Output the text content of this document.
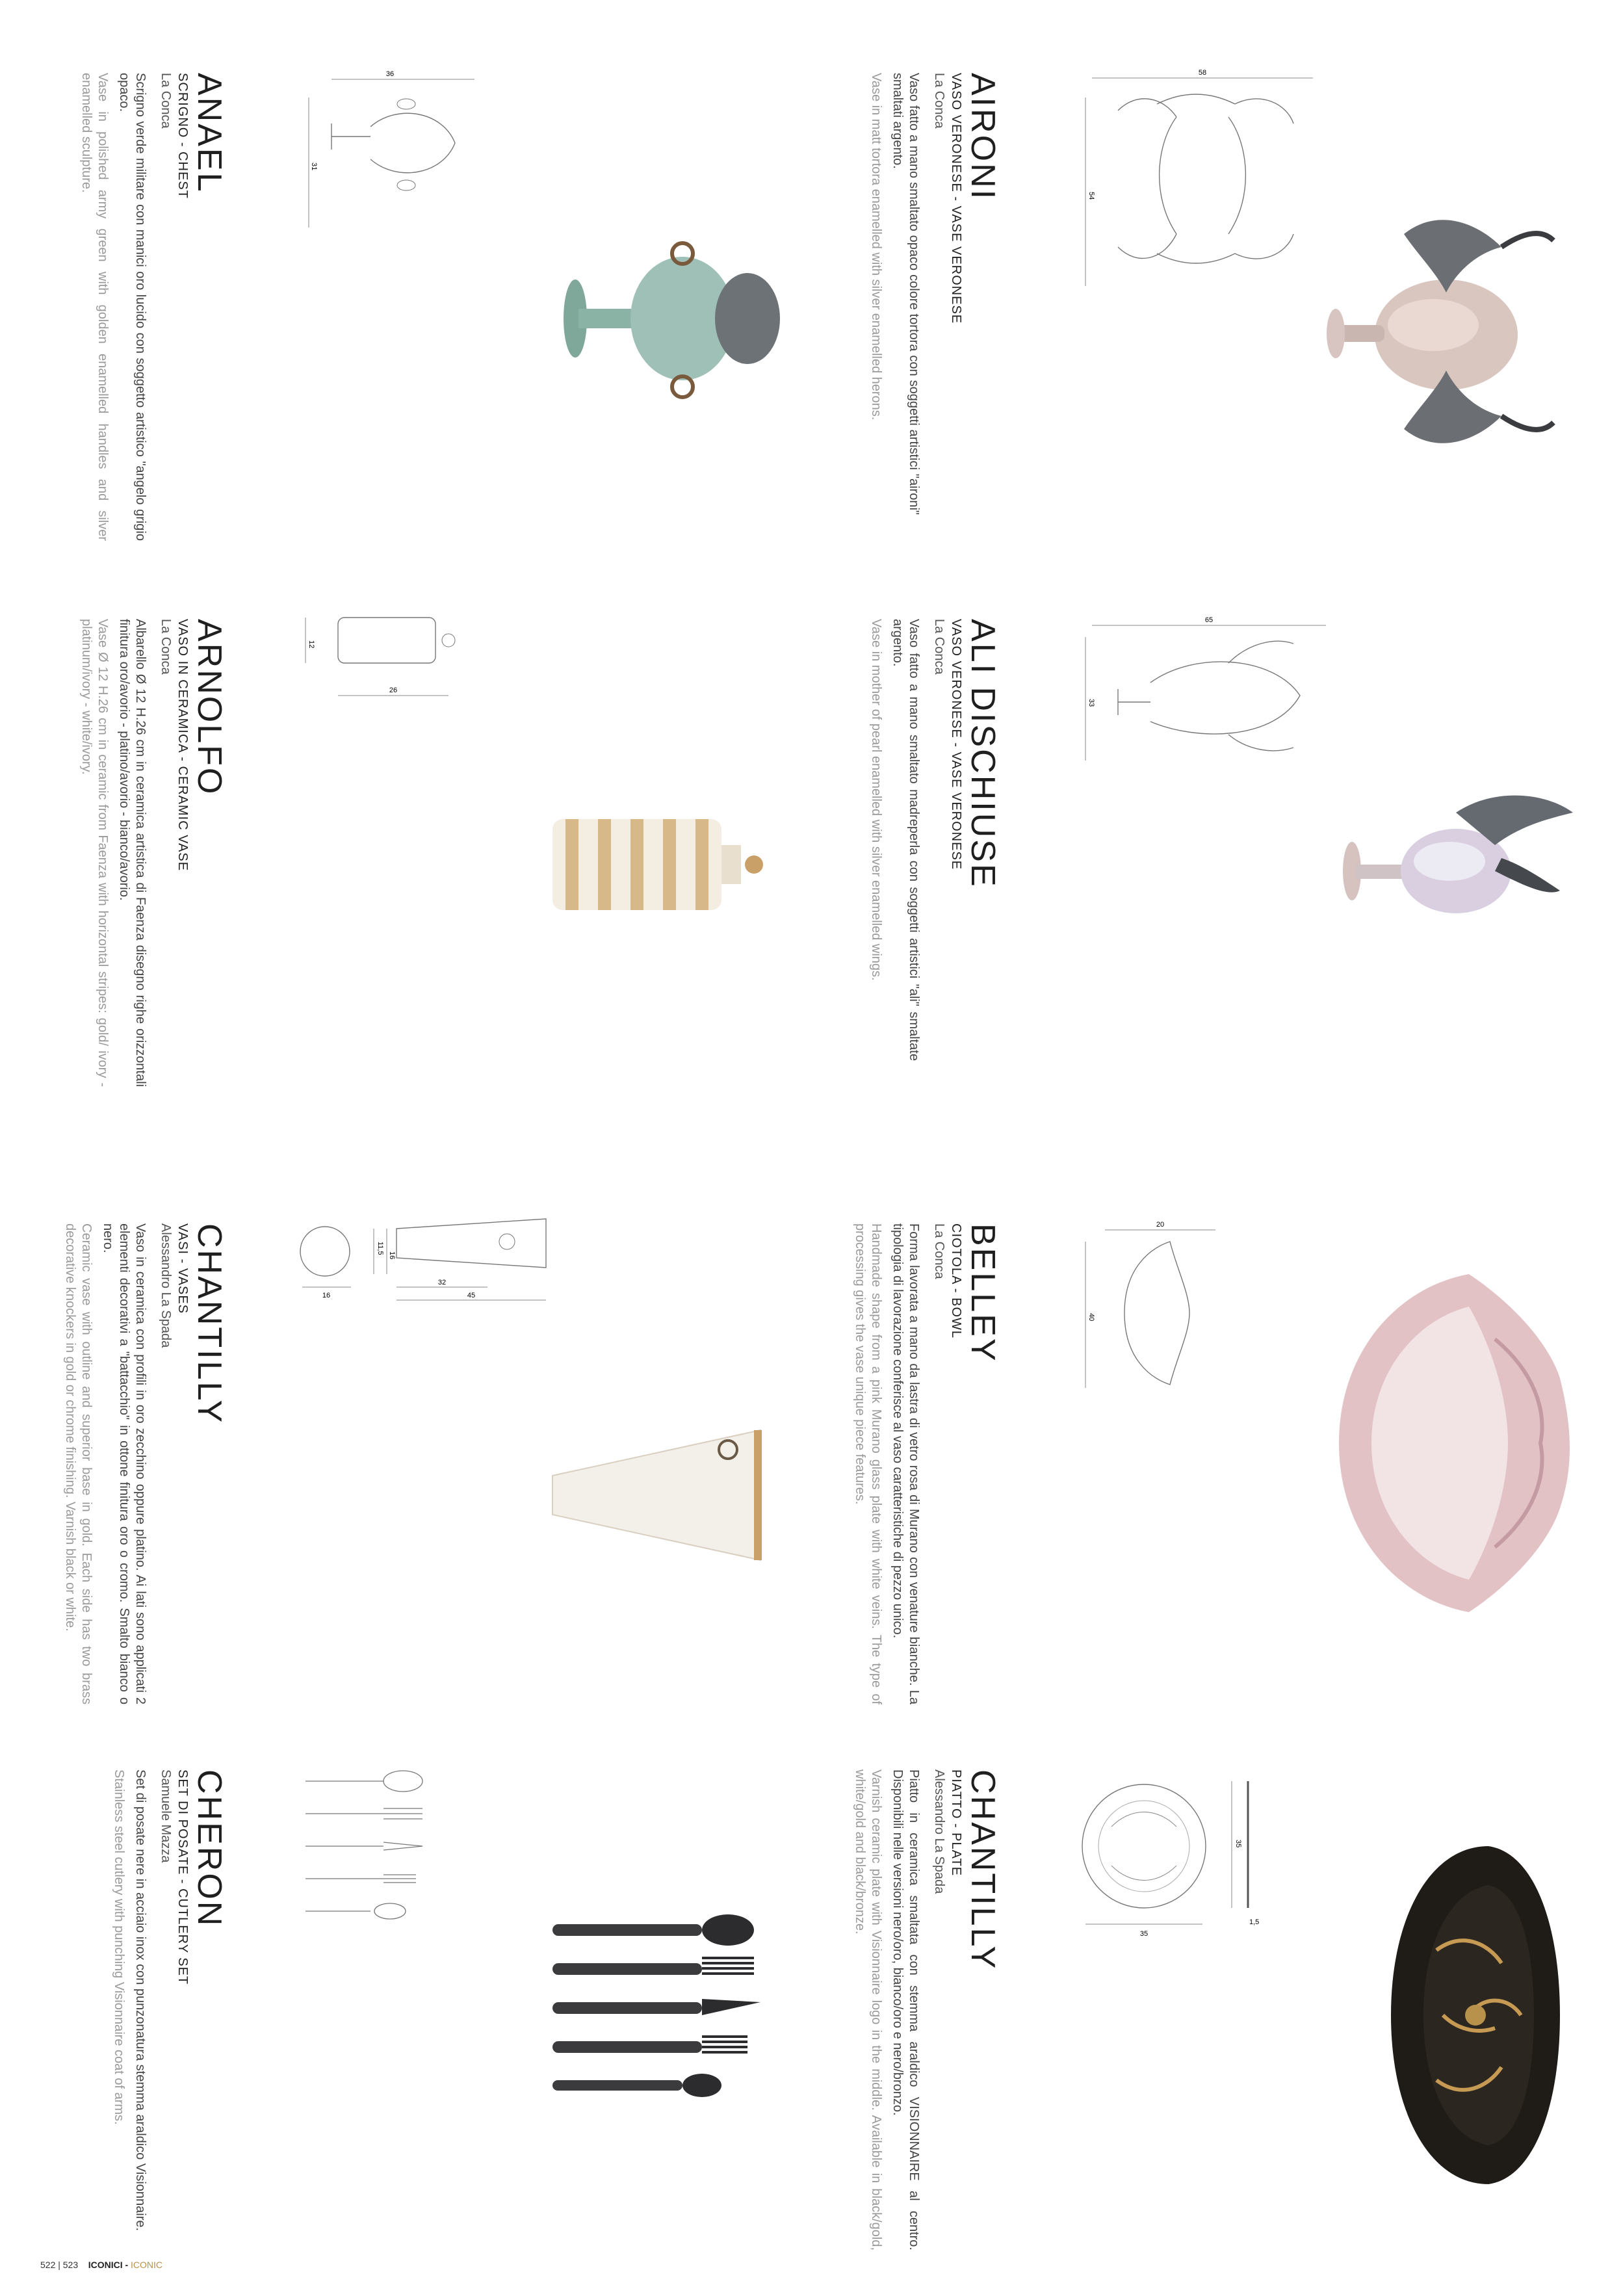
58
54
AIRONI
VASO VERONESE - VASE VERONESE
La Conca
Vaso fatto a mano smaltato opaco colore tortora con soggetti artistici "aironi" smaltati argento.
Vase in matt tortora enamelled with silver enamelled herons.
36
31
ANAEL
SCRIGNO - CHEST
La Conca
Scrigno verde militare con manici oro lucido con soggetto artistico "angelo grigio opaco.
Vase in polished army green with golden enamelled handles and silver enamelled sculpture.
65
33
ALI DISCHIUSE
VASO VERONESE - VASE VERONESE
La Conca
Vaso fatto a mano smaltato madreperla con soggetti artistici "ali" smaltate argento.
Vase in mother of pearl enamelled with silver enamelled wings.
12
26
ARNOLFO
VASO IN CERAMICA - CERAMIC VASE
La Conca
Albarello Ø 12 H.26 cm in ceramica artistica di Faenza disegno righe orizzontali finitura oro/avorio - platino/avorio - bianco/avorio.
Vase Ø 12 H.26 cm in ceramic from Faenza with horizontal stripes: gold/ ivory - platinum/ivory - white/ivory.
20
40
BELLEY
CIOTOLA - BOWL
La Conca
Forma lavorata a mano da lastra di vetro rosa di Murano con venature bianche. La tipologia di lavorazione conferisce al vaso caratteristiche di pezzo unico.
Handmade shape from a pink Murano glass plate with white veins. The type of processing gives the vase unique piece features.
16
11,5
16
32
45
CHANTILLY
VASI - VASES
Alessandro La Spada
Vaso in ceramica con profili in oro zecchino oppure platino. Ai lati sono applicati 2 elementi decorativi a "battacchio" in ottone finitura oro o cromo. Smalto bianco o nero.
Ceramic vase with outline and superior base in gold. Each side has two brass decorative knockers in gold or chrome finishing. Varnish black or white.
35
35
1,5
CHANTILLY
PIATTO - PLATE
Alessandro La Spada
Piatto in ceramica smaltata con stemma araldico VISIONNAIRE al centro. Disponibili nelle versioni nero/oro, bianco/oro e nero/bronzo.
Varnish ceramic plate with Visionnaire logo in the middle. Available in black/gold, white/gold and black/bronze.
CHERON
SET DI POSATE - CUTLERY SET
Samuele Mazza
Set di posate nere in acciaio inox con punzonatura stemma araldico Visionnaire.
Stainless steel cutlery with punching Visionnaire coat of arms.
522 | 523 ICONICI - ICONIC
